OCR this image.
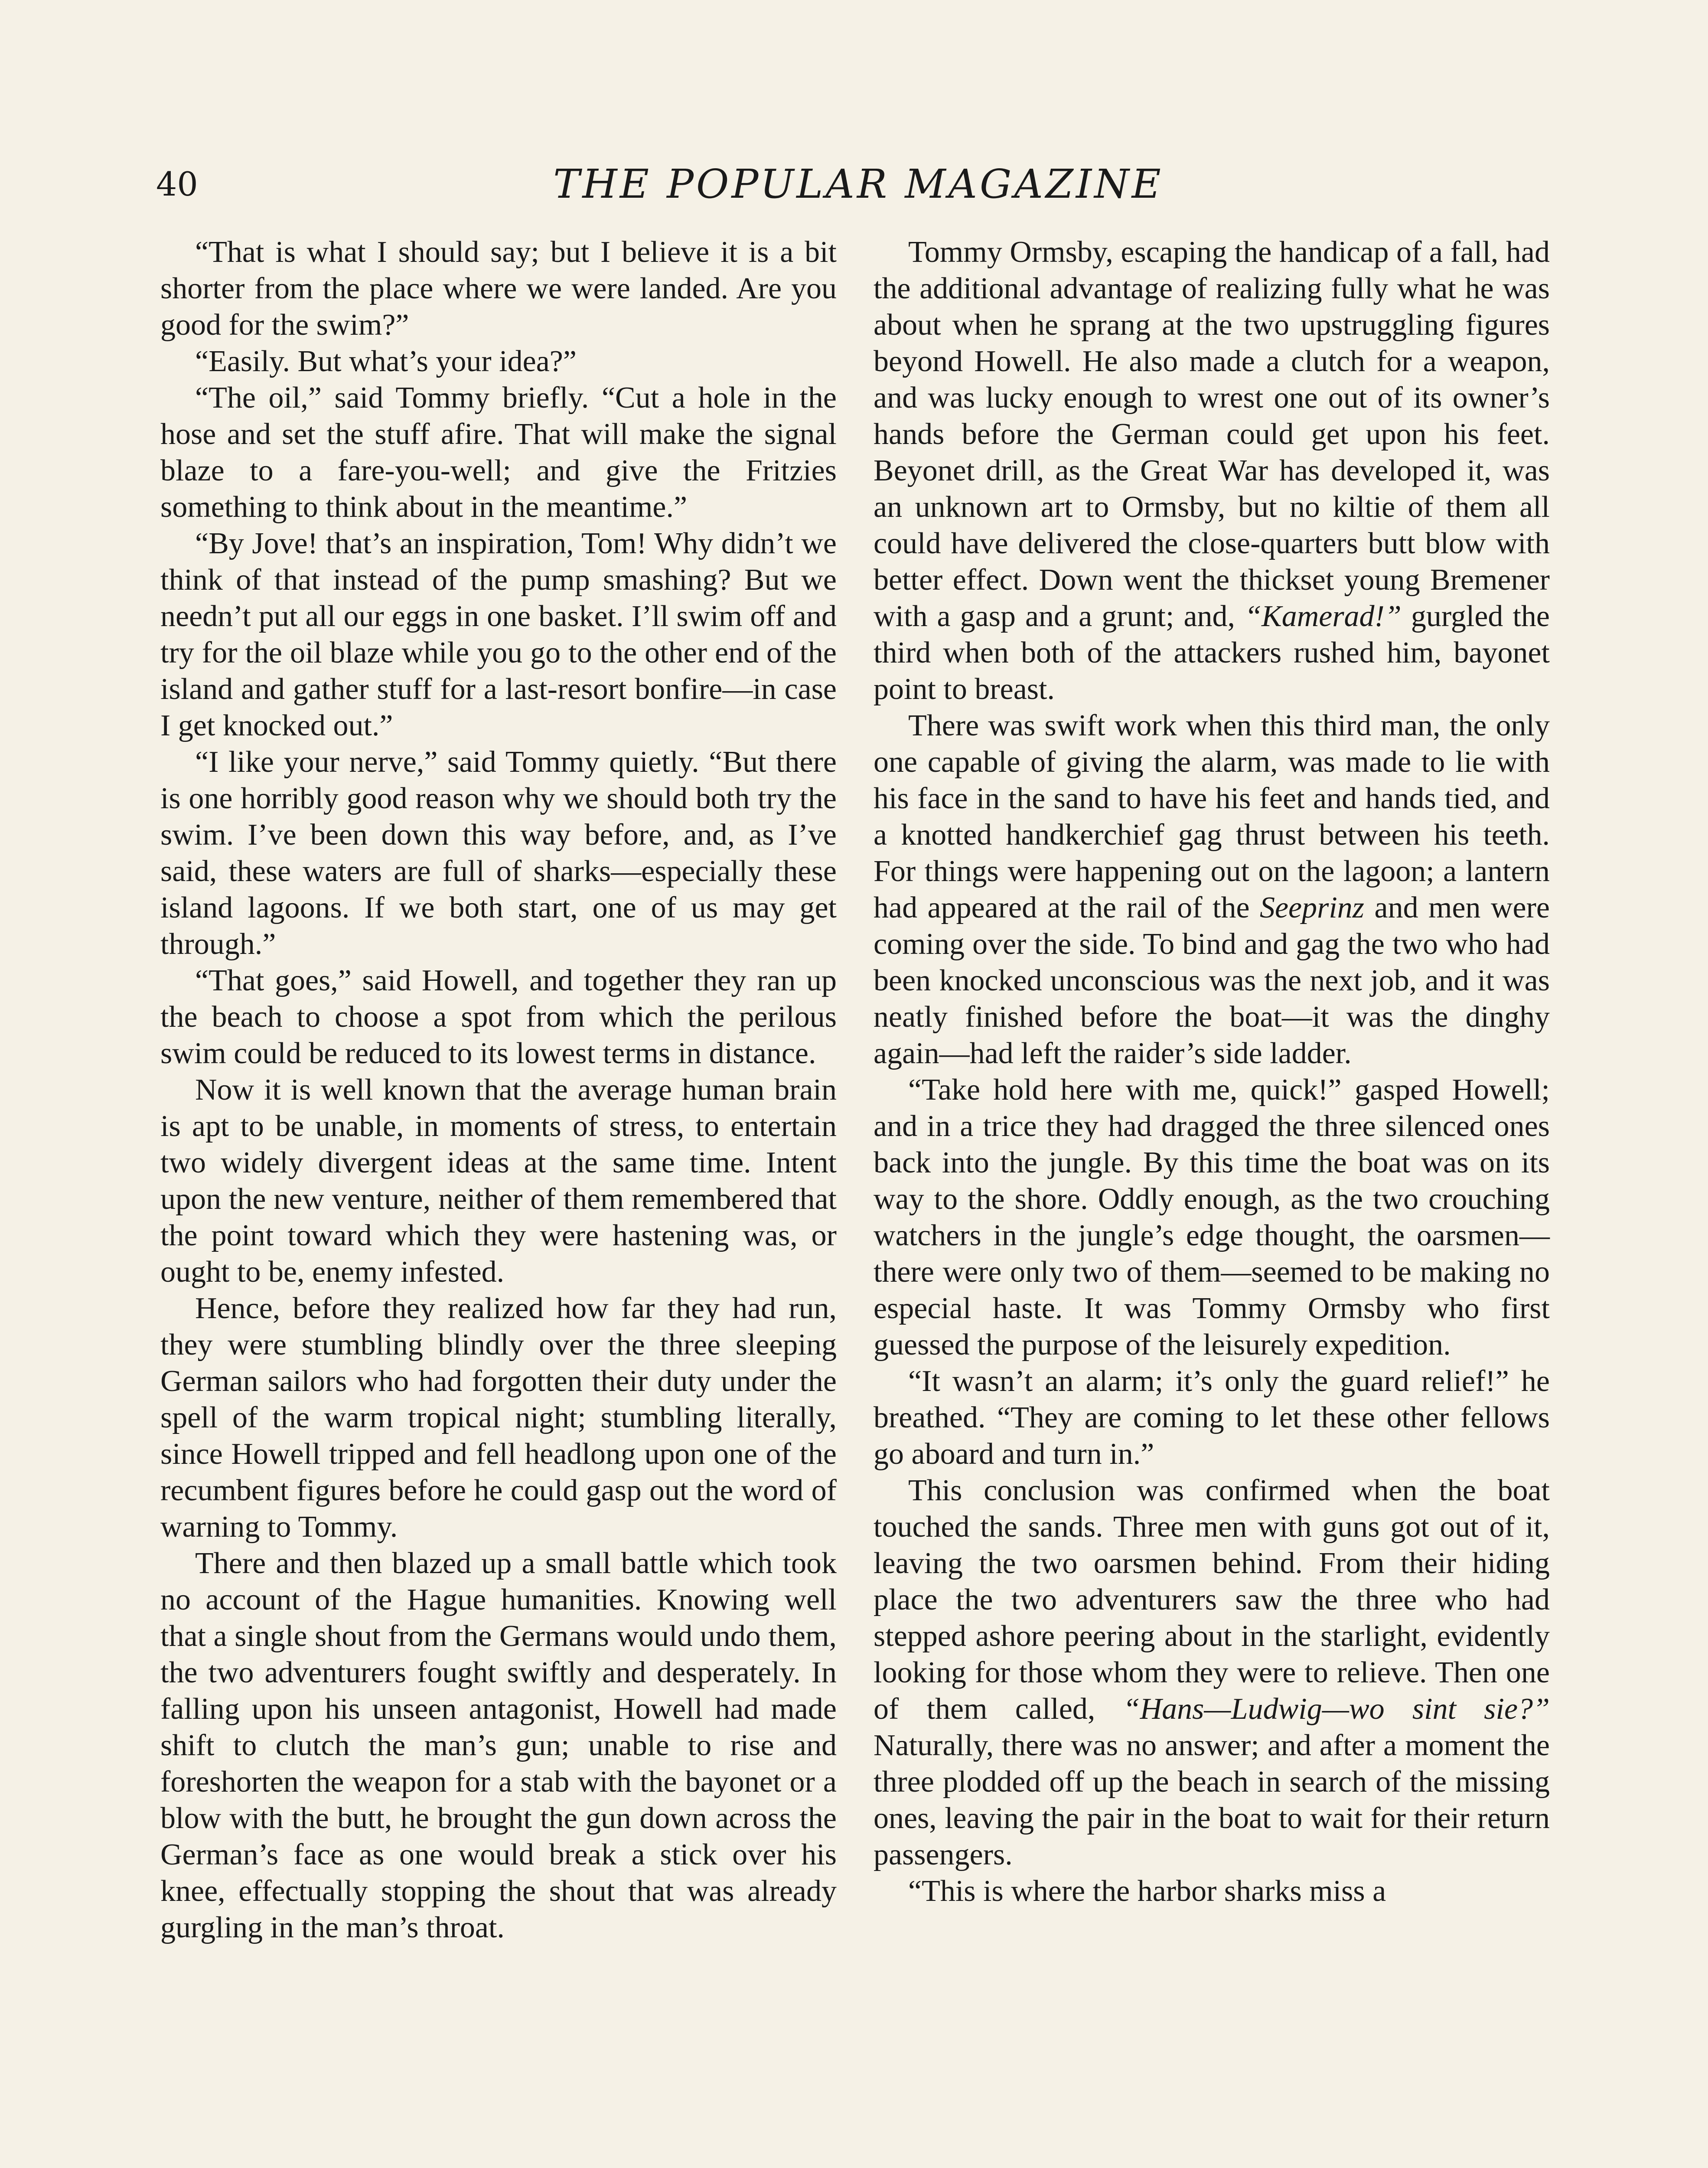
40	THE POPULAR MAGAZINE

“That is what I should say; but I believe it is a bit shorter from the place where we were landed. Are you good for the swim?”

“Easily. But what’s your idea?”

“The oil,” said Tommy briefly. “Cut a hole in the hose and set the stuff afire. That will make the signal blaze to a fare-you-well; and give the Fritzies something to think about in the meantime.”

“By Jove! that’s an inspiration, Tom! Why didn’t we think of that instead of the pump smashing? But we needn’t put all our eggs in one basket. I’ll swim off and try for the oil blaze while you go to the other end of the island and gather stuff for a last-resort bonfire—in case I get knocked out.”

“I like your nerve,” said Tommy quietly. “But there is one horribly good reason why we should both try the swim. I’ve been down this way before, and, as I’ve said, these waters are full of sharks—especially these island lagoons. If we both start, one of us may get through.”

“That goes,” said Howell, and together they ran up the beach to choose a spot from which the perilous swim could be reduced to its lowest terms in distance.

Now it is well known that the average human brain is apt to be unable, in moments of stress, to entertain two widely divergent ideas at the same time. Intent upon the new venture, neither of them remembered that the point toward which they were hastening was, or ought to be, enemy infested.

Hence, before they realized how far they had run, they were stumbling blindly over the three sleeping German sailors who had forgotten their duty under the spell of the warm tropical night; stumbling literally, since Howell tripped and fell headlong upon one of the recumbent figures before he could gasp out the word of warning to Tommy.

There and then blazed up a small battle which took no account of the Hague humanities. Knowing well that a single shout from the Germans would undo them, the two adventurers fought swiftly and desperately. In falling upon his unseen antagonist, Howell had made shift to clutch the man’s gun; unable to rise and foreshorten the weapon for a stab with the bayonet or a blow with the butt, he brought the gun down across the German’s face as one would break a stick over his knee, effectually stopping the shout that was already gurgling in the man’s throat.

Tommy Ormsby, escaping the handicap of a fall, had the additional advantage of realizing fully what he was about when he sprang at the two upstruggling figures beyond Howell. He also made a clutch for a weapon, and was lucky enough to wrest one out of its owner’s hands before the German could get upon his feet. Beyonet drill, as the Great War has developed it, was an unknown art to Ormsby, but no kiltie of them all could have delivered the close-quarters butt blow with better effect. Down went the thickset young Bremener with a gasp and a grunt; and, “Kamerad!” gurgled the third when both of the attackers rushed him, bayonet point to breast.
There was swift work when this third man, the only one capable of giving the alarm, was made to lie with his face in the sand to have his feet and hands tied, and a knotted handkerchief gag thrust between his teeth. For things were happening out on the lagoon; a lantern had appeared at the rail of the Seeprinz and men were coming over the side. To bind and gag the two who had been knocked unconscious was the next job, and it was neatly finished before the boat—it was the dinghy again—had left the raider’s side ladder.

“Take hold here with me, quick!” gasped Howell; and in a trice they had dragged the three silenced ones back into the jungle. By this time the boat was on its way to the shore. Oddly enough, as the two crouching watchers in the jungle’s edge thought, the oarsmen—there were only two of them—seemed to be making no especial haste. It was Tommy Ormsby who first guessed the purpose of the leisurely expedition.

“It wasn’t an alarm; it’s only the guard relief!” he breathed. “They are coming to let these other fellows go aboard and turn in.”

This conclusion was confirmed when the boat touched the sands. Three men with guns got out of it, leaving the two oarsmen behind. From their hiding place the two adventurers saw the three who had stepped ashore peering about in the starlight, evidently looking for those whom they were to relieve. Then one of them called, “Hans—Ludwig—wo sint sie?” Naturally, there was no answer; and after a moment the three plodded off up the beach in search of the missing ones, leaving the pair in the boat to wait for their return passengers.

“This is where the harbor sharks miss a
